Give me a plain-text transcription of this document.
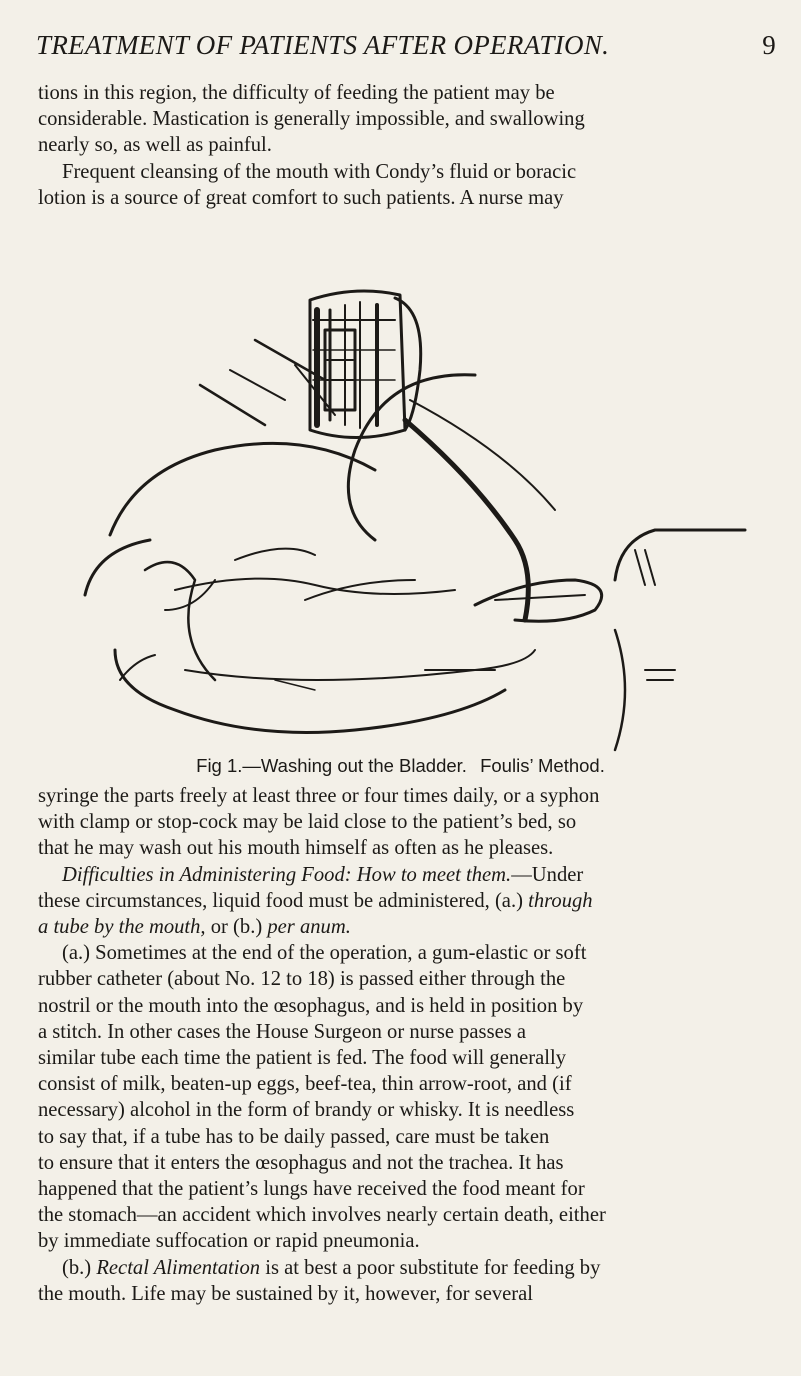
TREATMENT OF PATIENTS AFTER OPERATION.	9

tions in this region, the difficulty of feeding the patient may be

considerable. Mastication is generally impossible, and swallowing

nearly so, as well as painful.

Frequent cleansing of the mouth with Condy’s fluid or boracic

lotion is a source of great comfort to such patients. A nurse may

Fig 1.—Washing out the Bladder. Foulis’ Method.

syringe the parts freely at least three or four times daily, or a syphon

with clamp or stop-cock may be laid close to the patient’s bed, so

that he may wash out his mouth himself as often as he pleases.

Difficulties in Administering Food: How to meet them.—Under

these circumstances, liquid food must be administered, (a.) through

a tube by the mouth, or (b.) per anum.

(a.) Sometimes at the end of the operation, a gum-elastic or soft

rubber catheter (about No. 12 to 18) is passed either through the

nostril or the mouth into the œsophagus, and is held in position by

a stitch. In other cases the House Surgeon or nurse passes a

similar tube each time the patient is fed. The food will generally

consist of milk, beaten-up eggs, beef-tea, thin arrow-root, and (if

necessary) alcohol in the form of brandy or whisky. It is needless

to say that, if a tube has to be daily passed, care must be taken

to ensure that it enters the œsophagus and not the trachea. It has

happened that the patient’s lungs have received the food meant for

the stomach—an accident which involves nearly certain death, either

by immediate suffocation or rapid pneumonia.

(b.) Rectal Alimentation is at best a poor substitute for feeding by

the mouth. Life may be sustained by it, however, for several
